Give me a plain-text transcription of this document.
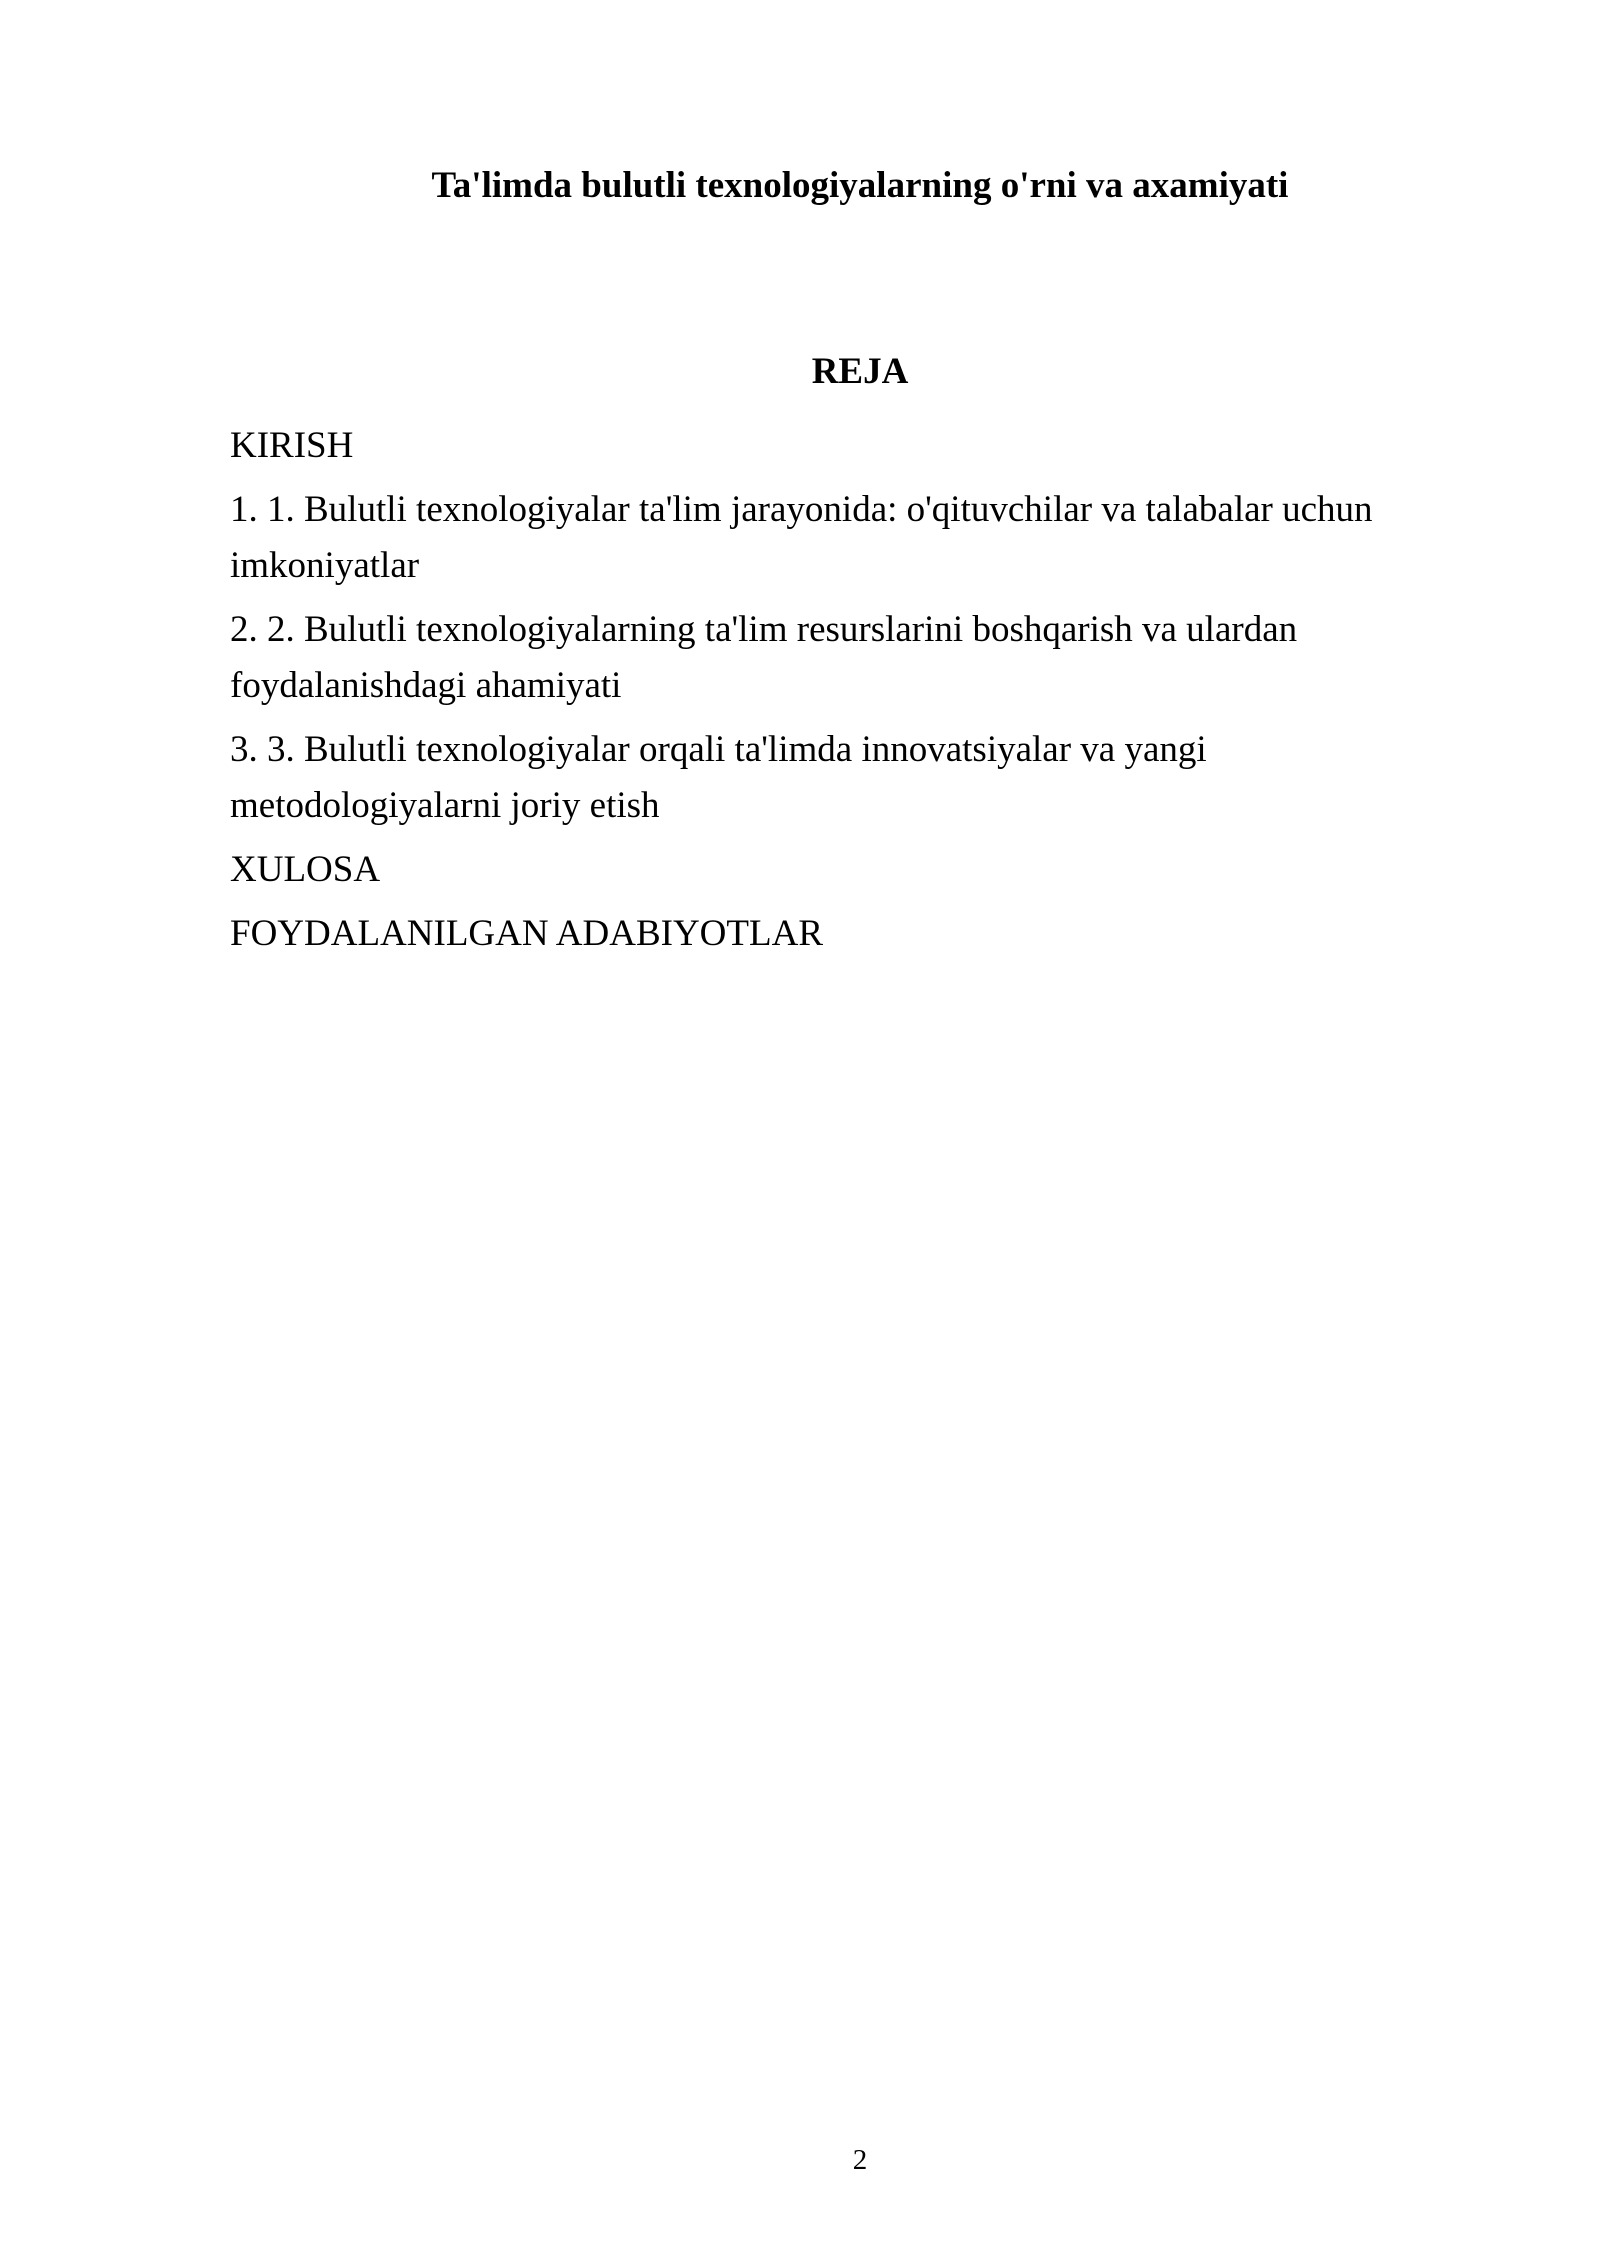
Ta'limda bulutli texnologiyalarning o'rni va axamiyati
REJA
KIRISH
1. 1. Bulutli texnologiyalar ta'lim jarayonida: o'qituvchilar va talabalar uchun imkoniyatlar
2. 2. Bulutli texnologiyalarning ta'lim resurslarini boshqarish va ulardan foydalanishdagi ahamiyati
3. 3. Bulutli texnologiyalar orqali ta'limda innovatsiyalar va yangi metodologiyalarni joriy etish
XULOSA
FOYDALANILGAN ADABIYOTLAR
2
